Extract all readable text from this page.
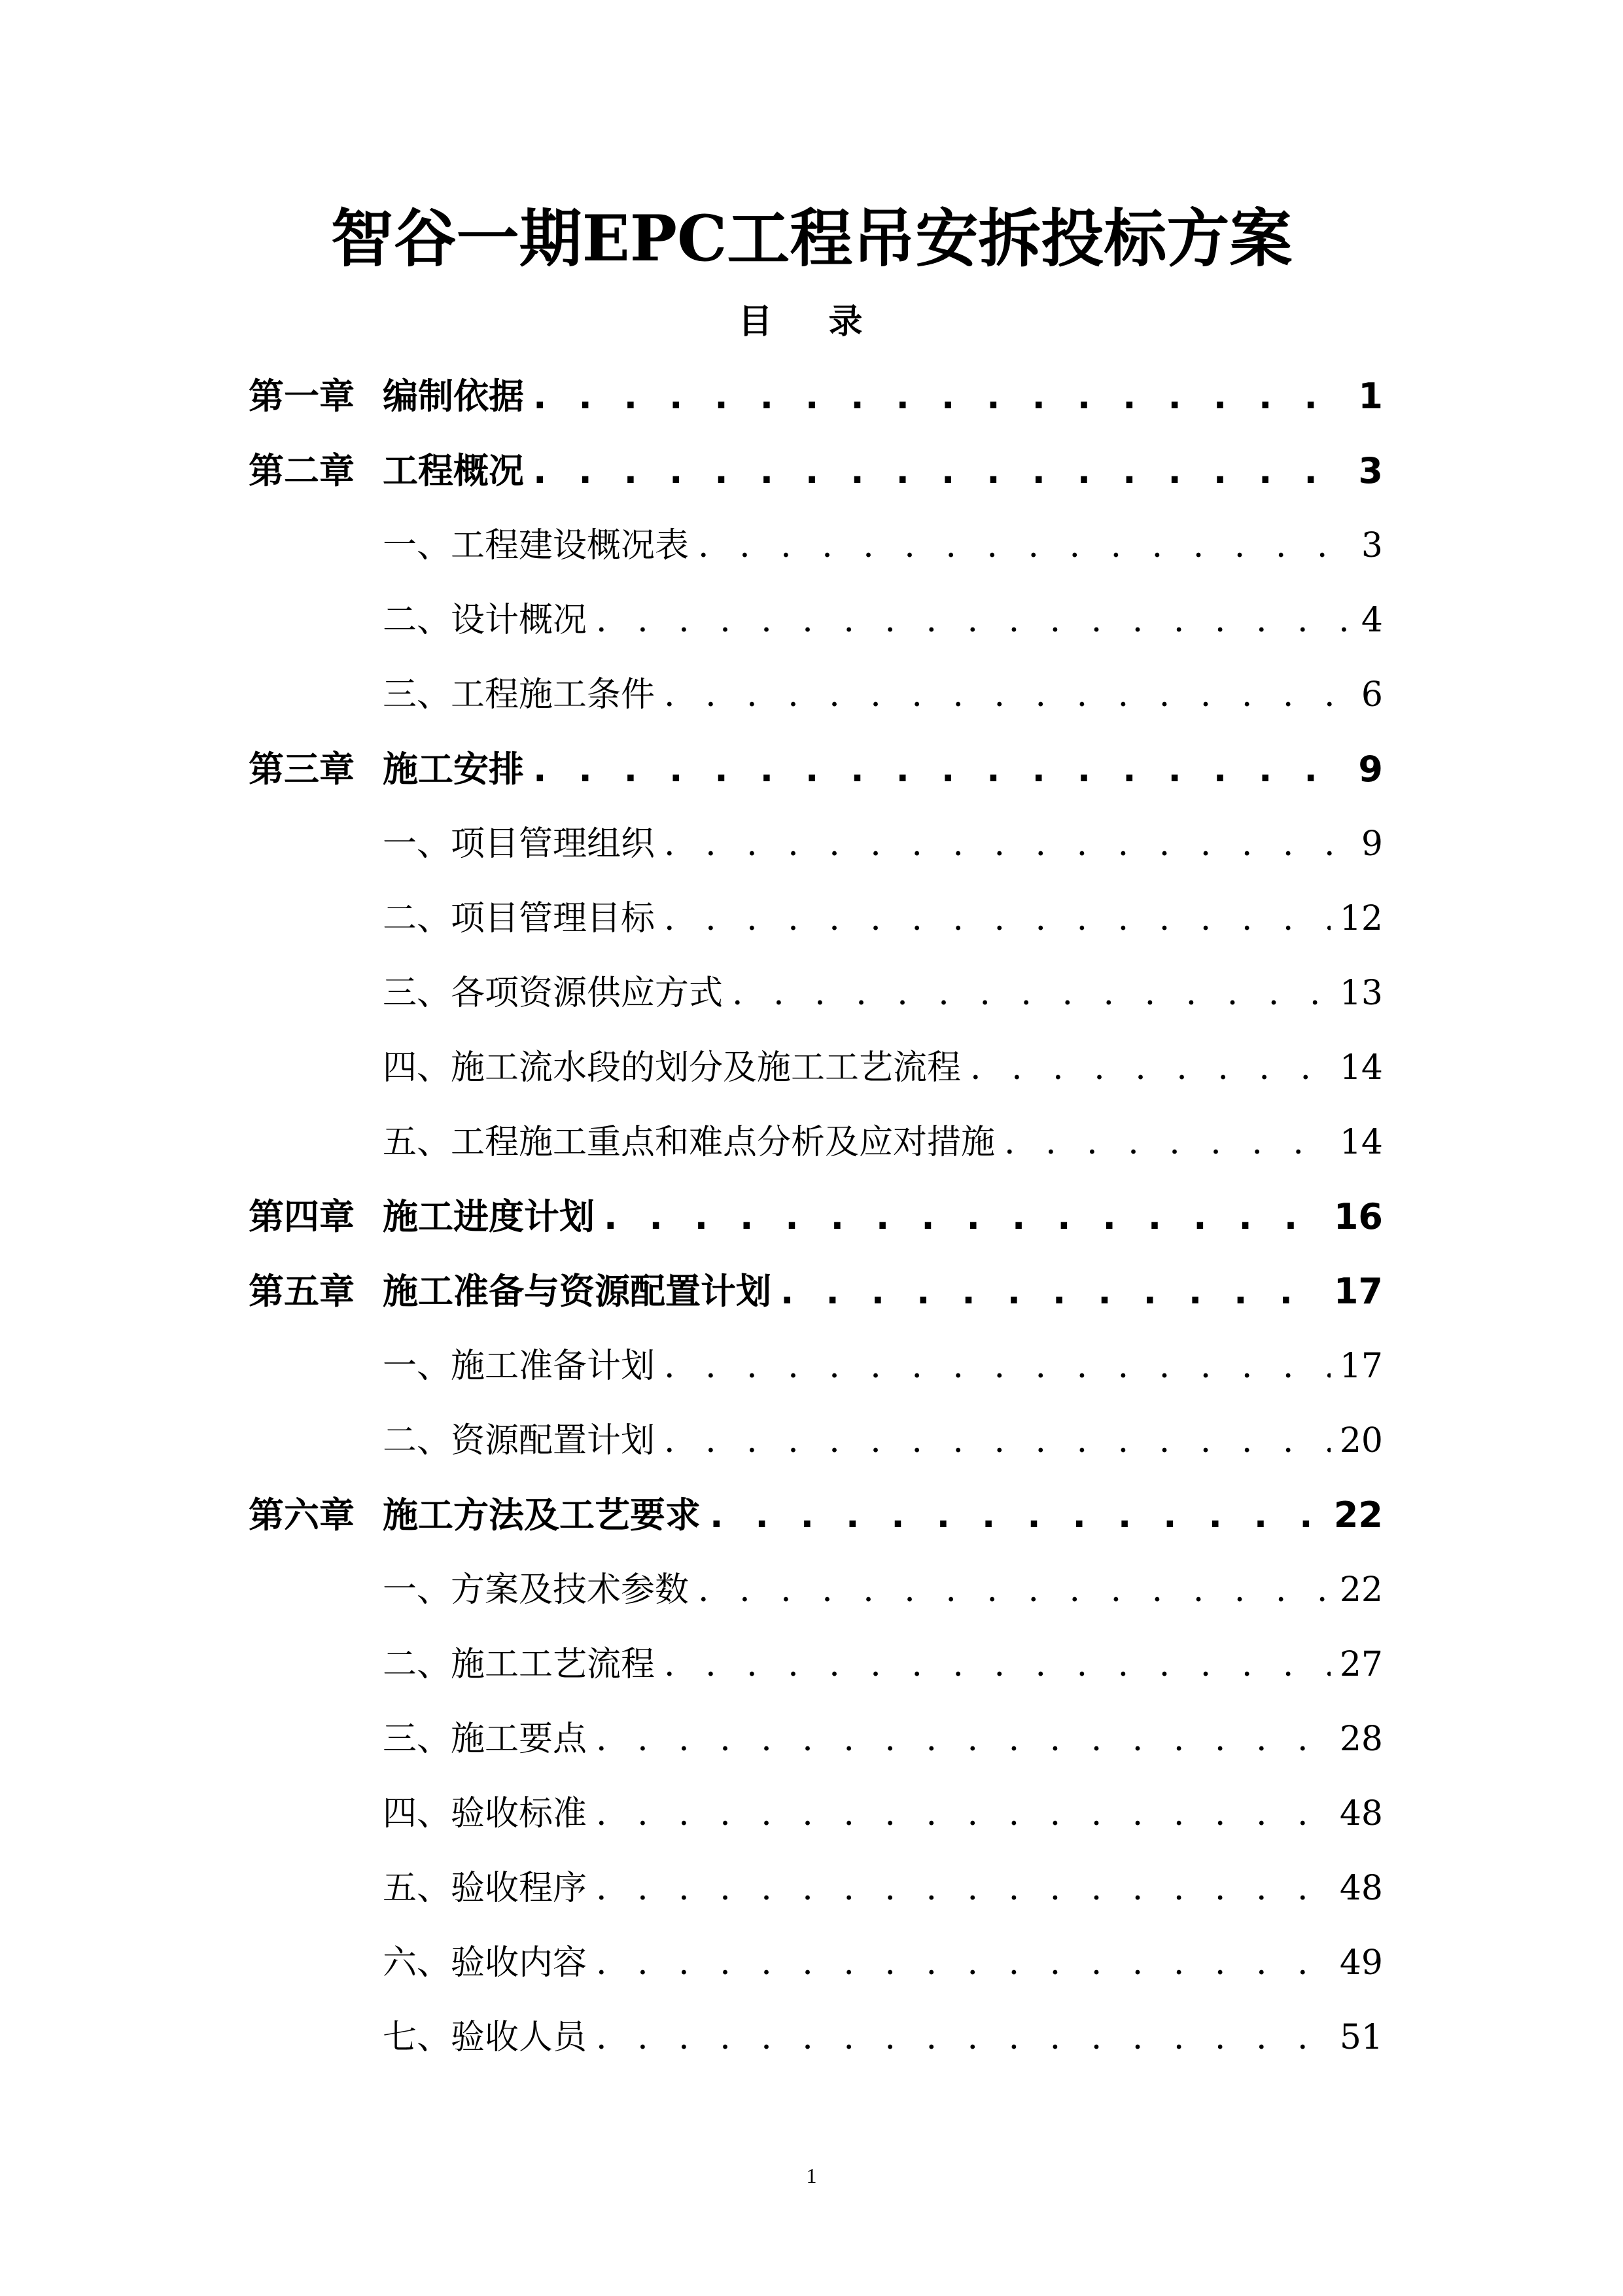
智谷一期EPC工程吊安拆投标方案
目 录
第一章 编制依据 . . .	1
第二章 工程概况 . . .	3
一、工程建设概况表 . . .	3
二、设计概况 . . .	4
三、工程施工条件 . . .	6
第三章 施工安排 . . .	9
一、项目管理组织 . . .	9
二、项目管理目标 . . .	12
三、各项资源供应方式 . . .	13
四、施工流水段的划分及施工工艺流程 . . .	14
五、工程施工重点和难点分析及应对措施 . . .	14
第四章 施工进度计划 . . .	16
第五章 施工准备与资源配置计划 . . .	17
一、施工准备计划 . . .	17
二、资源配置计划 . . .	20
第六章 施工方法及工艺要求 . . .	22
一、方案及技术参数 . . .	22
二、施工工艺流程 . . .	27
三、施工要点 . . .	28
四、验收标准 . . .	48
五、验收程序 . . .	48
六、验收内容 . . .	49
七、验收人员 . . .	51

1
